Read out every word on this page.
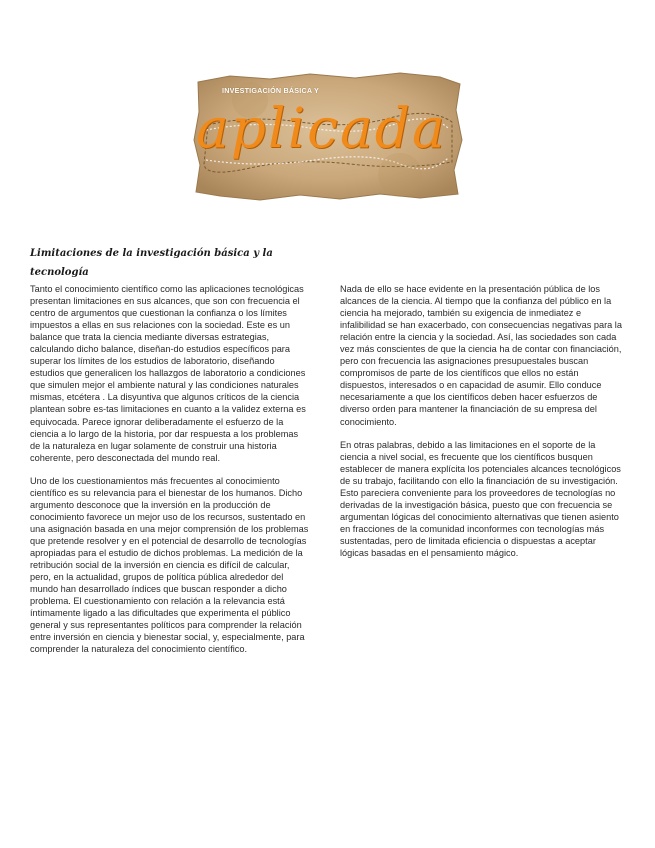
INVESTIGACIÓN BÁSICA Y
aplicada
Limitaciones de la investigación básica y la tecnología

Tanto el conocimiento científico como las aplicaciones tecnológicas presentan limitaciones en sus alcances, que son con frecuencia el centro de argumentos que cuestionan la confianza o los límites impuestos a ellas en sus relaciones con la sociedad. Este es un balance que trata la ciencia mediante diversas estrategias, calculando dicho balance, diseñan-do estudios específicos para superar los límites de los estudios de laboratorio, diseñando estudios que generalicen los hallazgos de laboratorio a condiciones que simulen mejor el ambiente natural y las condiciones naturales mismas, etcétera . La disyuntiva que algunos críticos de la ciencia plantean sobre es-tas limitaciones en cuanto a la validez externa es equivocada. Parece ignorar deliberadamente el esfuerzo de la ciencia a lo largo de la historia, por dar respuesta a los problemas de la naturaleza en lugar solamente de construir una historia coherente, pero desconectada del mundo real.

Uno de los cuestionamientos más frecuentes al conocimiento científico es su relevancia para el bienestar de los humanos. Dicho argumento desconoce que la inversión en la producción de conocimiento favorece un mejor uso de los recursos, sustentado en una asignación basada en una mejor comprensión de los problemas que pretende resolver y en el potencial de desarrollo de tecnologías apropiadas para el estudio de dichos problemas. La medición de la retribución social de la inversión en ciencia es difícil de calcular, pero, en la actualidad, grupos de política pública alrededor del mundo han desarrollado índices que buscan responder a dicho problema. El cuestionamiento con relación a la relevancia está íntimamente ligado a las dificultades que experimenta el público general y sus representantes políticos para comprender la relación entre inversión en ciencia y bienestar social, y, especialmente, para comprender la naturaleza del conocimiento científico.

Nada de ello se hace evidente en la presentación pública de los alcances de la ciencia. Al tiempo que la confianza del público en la ciencia ha mejorado, también su exigencia de inmediatez e infalibilidad se han exacerbado, con consecuencias negativas para la relación entre la ciencia y la sociedad. Así, las sociedades son cada vez más conscientes de que la ciencia ha de contar con financiación, pero con frecuencia las asignaciones presupuestales buscan compromisos de parte de los científicos que ellos no están dispuestos, interesados o en capacidad de asumir. Ello conduce necesariamente a que los científicos deben hacer esfuerzos de diverso orden para mantener la financiación de su empresa del conocimiento.

En otras palabras, debido a las limitaciones en el soporte de la ciencia a nivel social, es frecuente que los científicos busquen establecer de manera explícita los potenciales alcances tecnológicos de su trabajo, facilitando con ello la financiación de su investigación. Esto pareciera conveniente para los proveedores de tecnologías no derivadas de la investigación básica, puesto que con frecuencia se argumentan lógicas del conocimiento alternativas que tienen asiento en fracciones de la comunidad inconformes con tecnologías más sustentadas, pero de limitada eficiencia o dispuestas a aceptar lógicas basadas en el pensamiento mágico.
